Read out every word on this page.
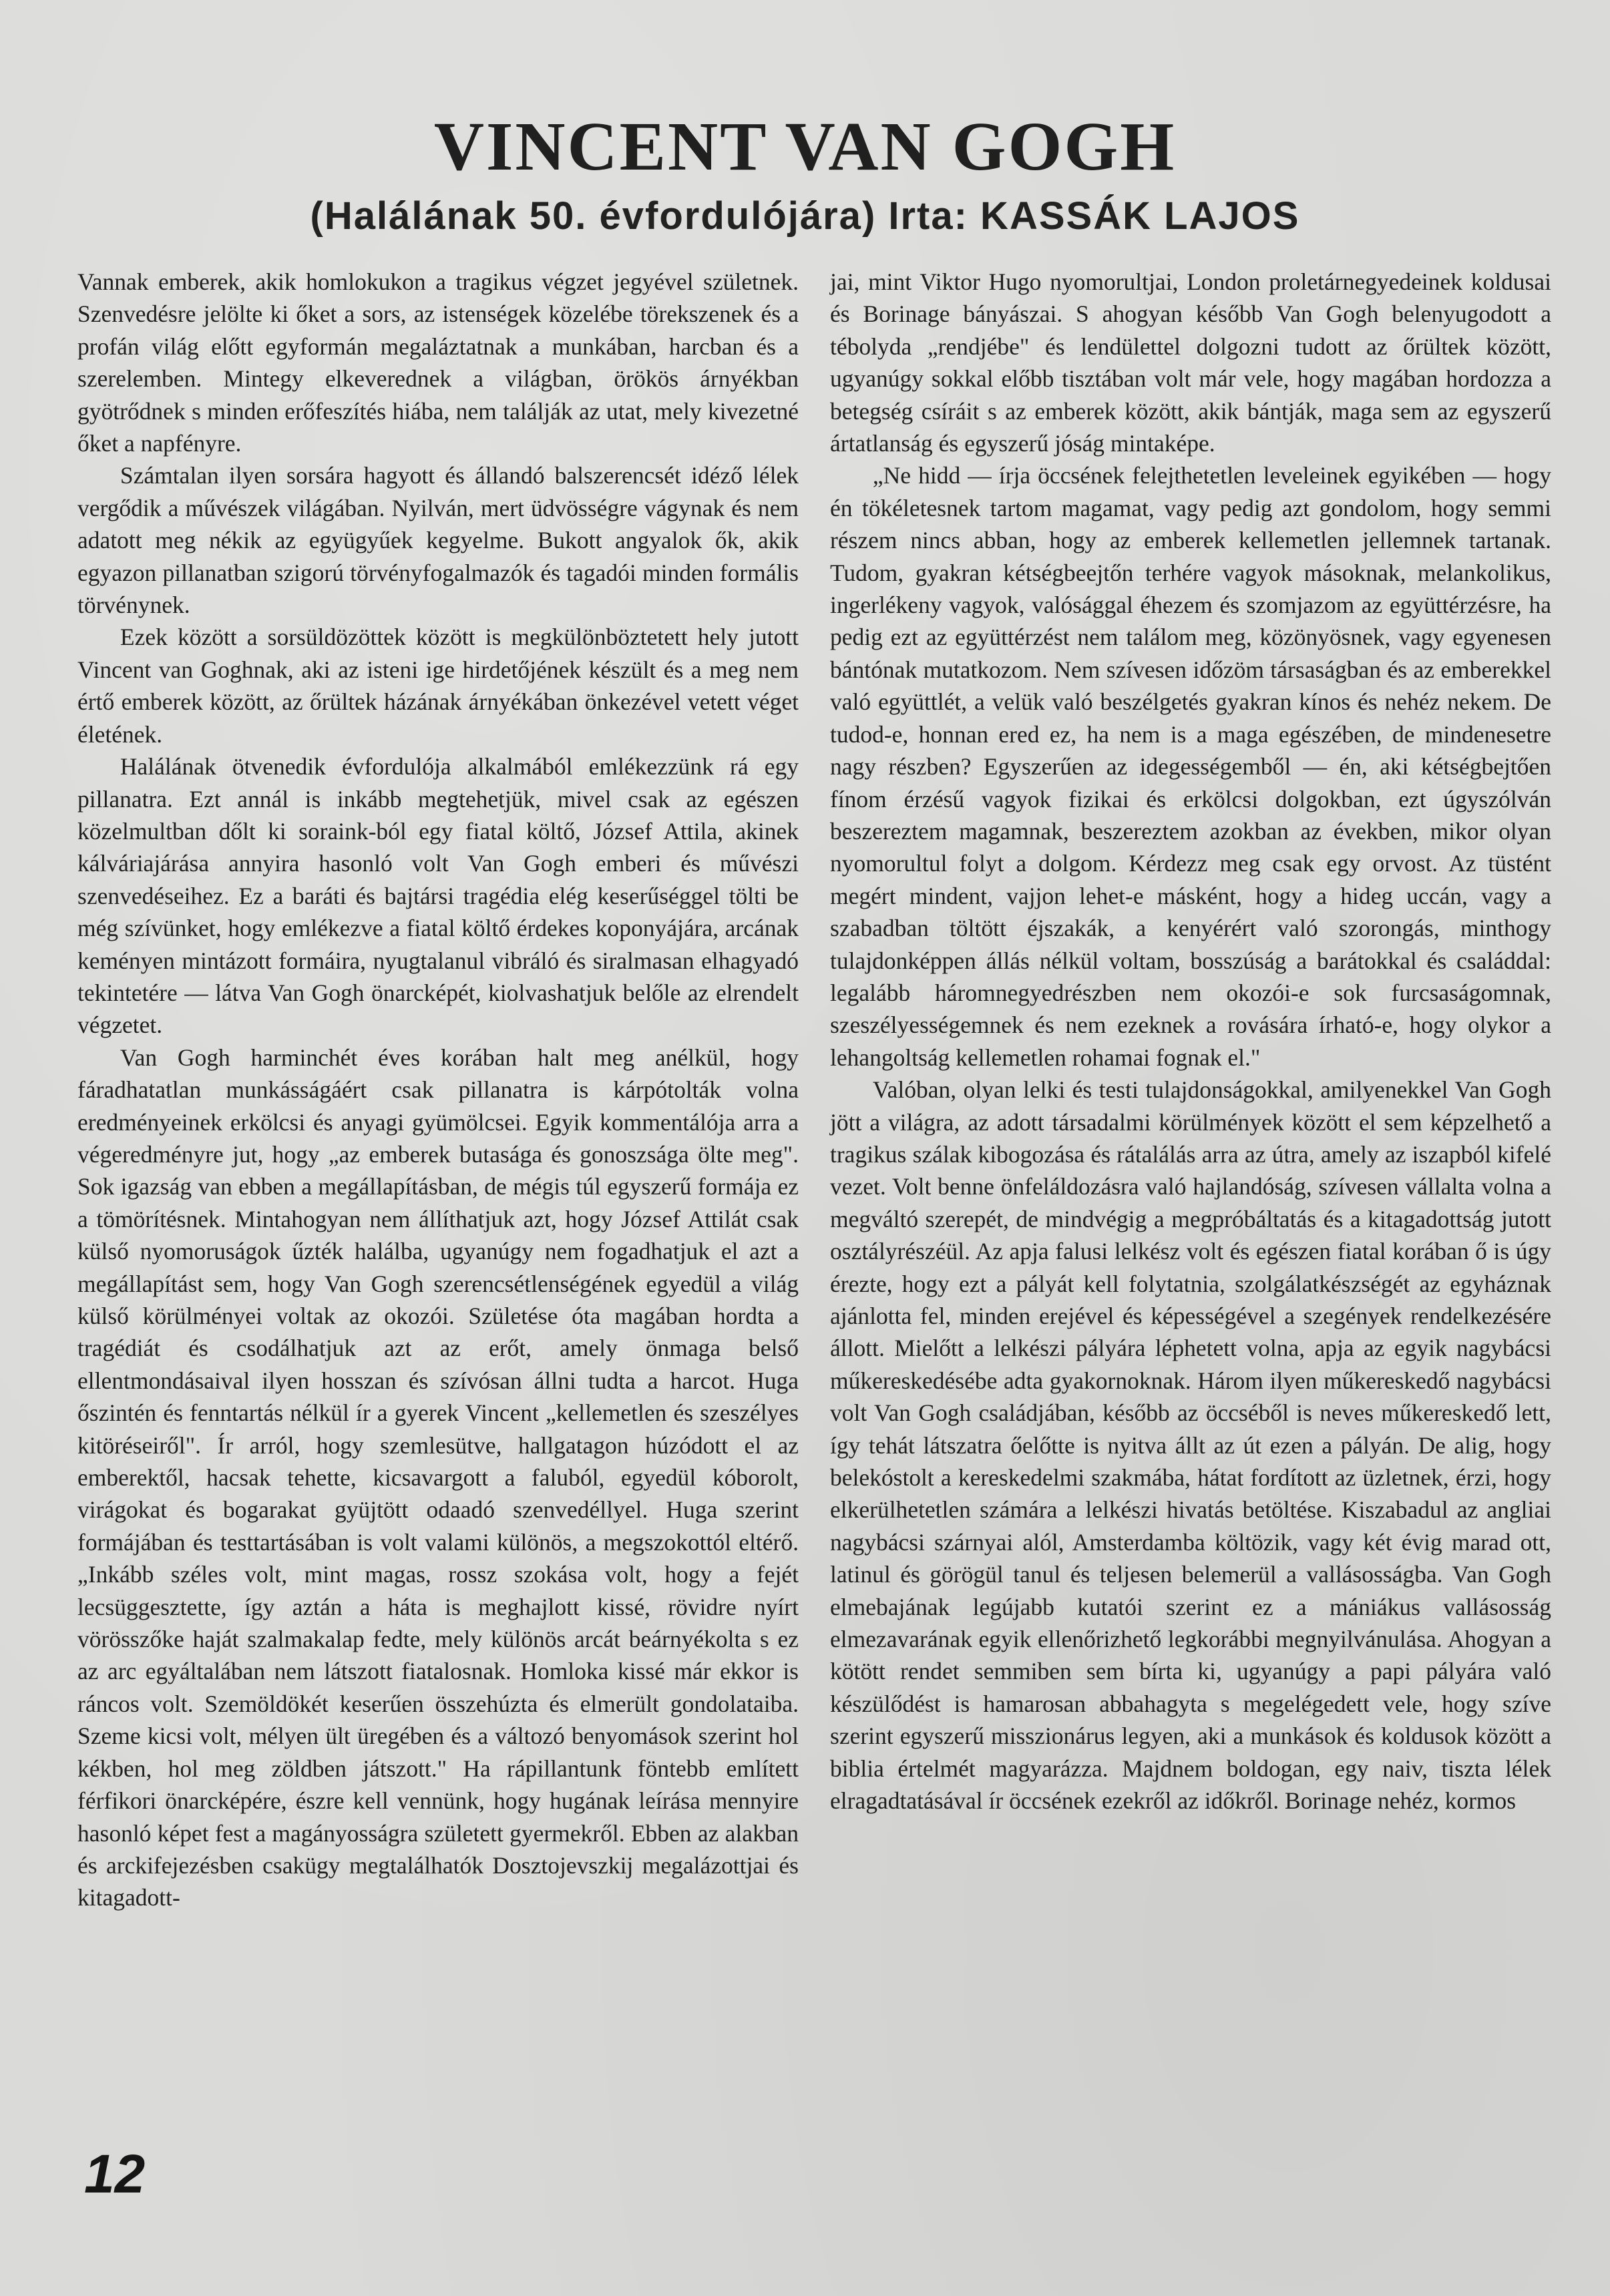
VINCENT VAN GOGH
(Halálának 50. évfordulójára) Irta: KASSÁK LAJOS

Vannak emberek, akik homlokukon a tragikus végzet jegyével születnek. Szenvedésre jelölte ki őket a sors, az istenségek közelébe törekszenek és a profán világ előtt egyformán megaláztatnak a munkában, harcban és a szerelemben. Mintegy elkeverednek a világban, örökös árnyékban gyötrődnek s minden erőfeszítés hiába, nem találják az utat, mely kivezetné őket a napfényre.

Számtalan ilyen sorsára hagyott és állandó balszerencsét idéző lélek vergődik a művészek világában. Nyilván, mert üdvösségre vágynak és nem adatott meg nékik az együgyűek kegyelme. Bukott angyalok ők, akik egyazon pillanatban szigorú törvényfogalmazók és tagadói minden formális törvénynek.

Ezek között a sorsüldözöttek között is megkülönböztetett hely jutott Vincent van Goghnak, aki az isteni ige hirdetőjének készült és a meg nem értő emberek között, az őrültek házának árnyékában önkezével vetett véget életének.

Halálának ötvenedik évfordulója alkalmából emlékezzünk rá egy pillanatra. Ezt annál is inkább megtehetjük, mivel csak az egészen közelmultban dőlt ki soraink-ból egy fiatal költő, József Attila, akinek kálváriajárása annyira hasonló volt Van Gogh emberi és művészi szenvedéseihez. Ez a baráti és bajtársi tragédia elég keserűséggel tölti be még szívünket, hogy emlékezve a fiatal költő érdekes koponyájára, arcának keményen mintázott formáira, nyugtalanul vibráló és siralmasan elhagyadó tekintetére — látva Van Gogh önarcképét, kiolvashatjuk belőle az elrendelt végzetet.

Van Gogh harminchét éves korában halt meg anélkül, hogy fáradhatatlan munkásságáért csak pillanatra is kárpótolták volna eredményeinek erkölcsi és anyagi gyümölcsei. Egyik kommentálója arra a végeredményre jut, hogy „az emberek butasága és gonoszsága ölte meg". Sok igazság van ebben a megállapításban, de mégis túl egyszerű formája ez a tömörítésnek. Mintahogyan nem állíthatjuk azt, hogy József Attilát csak külső nyomoruságok űzték halálba, ugyanúgy nem fogadhatjuk el azt a megállapítást sem, hogy Van Gogh szerencsétlenségének egyedül a világ külső körülményei voltak az okozói. Születése óta magában hordta a tragédiát és csodálhatjuk azt az erőt, amely önmaga belső ellentmondásaival ilyen hosszan és szívósan állni tudta a harcot. Huga őszintén és fenntartás nélkül ír a gyerek Vincent „kellemetlen és szeszélyes kitöréseiről". Ír arról, hogy szemlesütve, hallgatagon húzódott el az emberektől, hacsak tehette, kicsavargott a faluból, egyedül kóborolt, virágokat és bogarakat gyüjtött odaadó szenvedéllyel. Huga szerint formájában és testtartásában is volt valami különös, a megszokottól eltérő. „Inkább széles volt, mint magas, rossz szokása volt, hogy a fejét lecsüggesztette, így aztán a háta is meghajlott kissé, rövidre nyírt vörösszőke haját szalmakalap fedte, mely különös arcát beárnyékolta s ez az arc egyáltalában nem látszott fiatalosnak. Homloka kissé már ekkor is ráncos volt. Szemöldökét keserűen összehúzta és elmerült gondolataiba. Szeme kicsi volt, mélyen ült üregében és a változó benyomások szerint hol kékben, hol meg zöldben játszott." Ha rápillantunk föntebb említett férfikori önarcképére, észre kell vennünk, hogy hugának leírása mennyire hasonló képet fest a magányosságra született gyermekről. Ebben az alakban és arckifejezésben csakügy megtalálhatók Dosztojevszkij megalázottjai és kitagadott-

jai, mint Viktor Hugo nyomorultjai, London proletárnegyedeinek koldusai és Borinage bányászai. S ahogyan később Van Gogh belenyugodott a tébolyda „rendjébe" és lendülettel dolgozni tudott az őrültek között, ugyanúgy sokkal előbb tisztában volt már vele, hogy magában hordozza a betegség csíráit s az emberek között, akik bántják, maga sem az egyszerű ártatlanság és egyszerű jóság mintaképe.

„Ne hidd — írja öccsének felejthetetlen leveleinek egyikében — hogy én tökéletesnek tartom magamat, vagy pedig azt gondolom, hogy semmi részem nincs abban, hogy az emberek kellemetlen jellemnek tartanak. Tudom, gyakran kétségbeejtőn terhére vagyok másoknak, melankolikus, ingerlékeny vagyok, valósággal éhezem és szomjazom az együttérzésre, ha pedig ezt az együttérzést nem találom meg, közönyösnek, vagy egyenesen bántónak mutatkozom. Nem szívesen időzöm társaságban és az emberekkel való együttlét, a velük való beszélgetés gyakran kínos és nehéz nekem. De tudod-e, honnan ered ez, ha nem is a maga egészében, de mindenesetre nagy részben? Egyszerűen az idegességemből — én, aki kétségbejtően fínom érzésű vagyok fizikai és erkölcsi dolgokban, ezt úgyszólván beszereztem magamnak, beszereztem azokban az években, mikor olyan nyomorultul folyt a dolgom. Kérdezz meg csak egy orvost. Az tüstént megért mindent, vajjon lehet-e másként, hogy a hideg uccán, vagy a szabadban töltött éjszakák, a kenyérért való szorongás, minthogy tulajdonképpen állás nélkül voltam, bosszúság a barátokkal és családdal: legalább háromnegyedrészben nem okozói-e sok furcsaságomnak, szeszélyességemnek és nem ezeknek a rovására írható-e, hogy olykor a lehangoltság kellemetlen rohamai fognak el."

Valóban, olyan lelki és testi tulajdonságokkal, amilyenekkel Van Gogh jött a világra, az adott társadalmi körülmények között el sem képzelhető a tragikus szálak kibogozása és rátalálás arra az útra, amely az iszapból kifelé vezet. Volt benne önfeláldozásra való hajlandóság, szívesen vállalta volna a megváltó szerepét, de mindvégig a megpróbáltatás és a kitagadottság jutott osztályrészéül. Az apja falusi lelkész volt és egészen fiatal korában ő is úgy érezte, hogy ezt a pályát kell folytatnia, szolgálatkészségét az egyháznak ajánlotta fel, minden erejével és képességével a szegények rendelkezésére állott. Mielőtt a lelkészi pályára léphetett volna, apja az egyik nagybácsi műkereskedésébe adta gyakornoknak. Három ilyen műkereskedő nagybácsi volt Van Gogh családjában, később az öccséből is neves műkereskedő lett, így tehát látszatra őelőtte is nyitva állt az út ezen a pályán. De alig, hogy belekóstolt a kereskedelmi szakmába, hátat fordított az üzletnek, érzi, hogy elkerülhetetlen számára a lelkészi hivatás betöltése. Kiszabadul az angliai nagybácsi szárnyai alól, Amsterdamba költözik, vagy két évig marad ott, latinul és görögül tanul és teljesen belemerül a vallásosságba. Van Gogh elmebajának legújabb kutatói szerint ez a mániákus vallásosság elmezavarának egyik ellenőrizhető legkorábbi megnyilvánulása. Ahogyan a kötött rendet semmiben sem bírta ki, ugyanúgy a papi pályára való készülődést is hamarosan abbahagyta s megelégedett vele, hogy szíve szerint egyszerű misszionárus legyen, aki a munkások és koldusok között a biblia értelmét magyarázza. Majdnem boldogan, egy naiv, tiszta lélek elragadtatásával ír öccsének ezekről az időkről. Borinage nehéz, kormos

12
